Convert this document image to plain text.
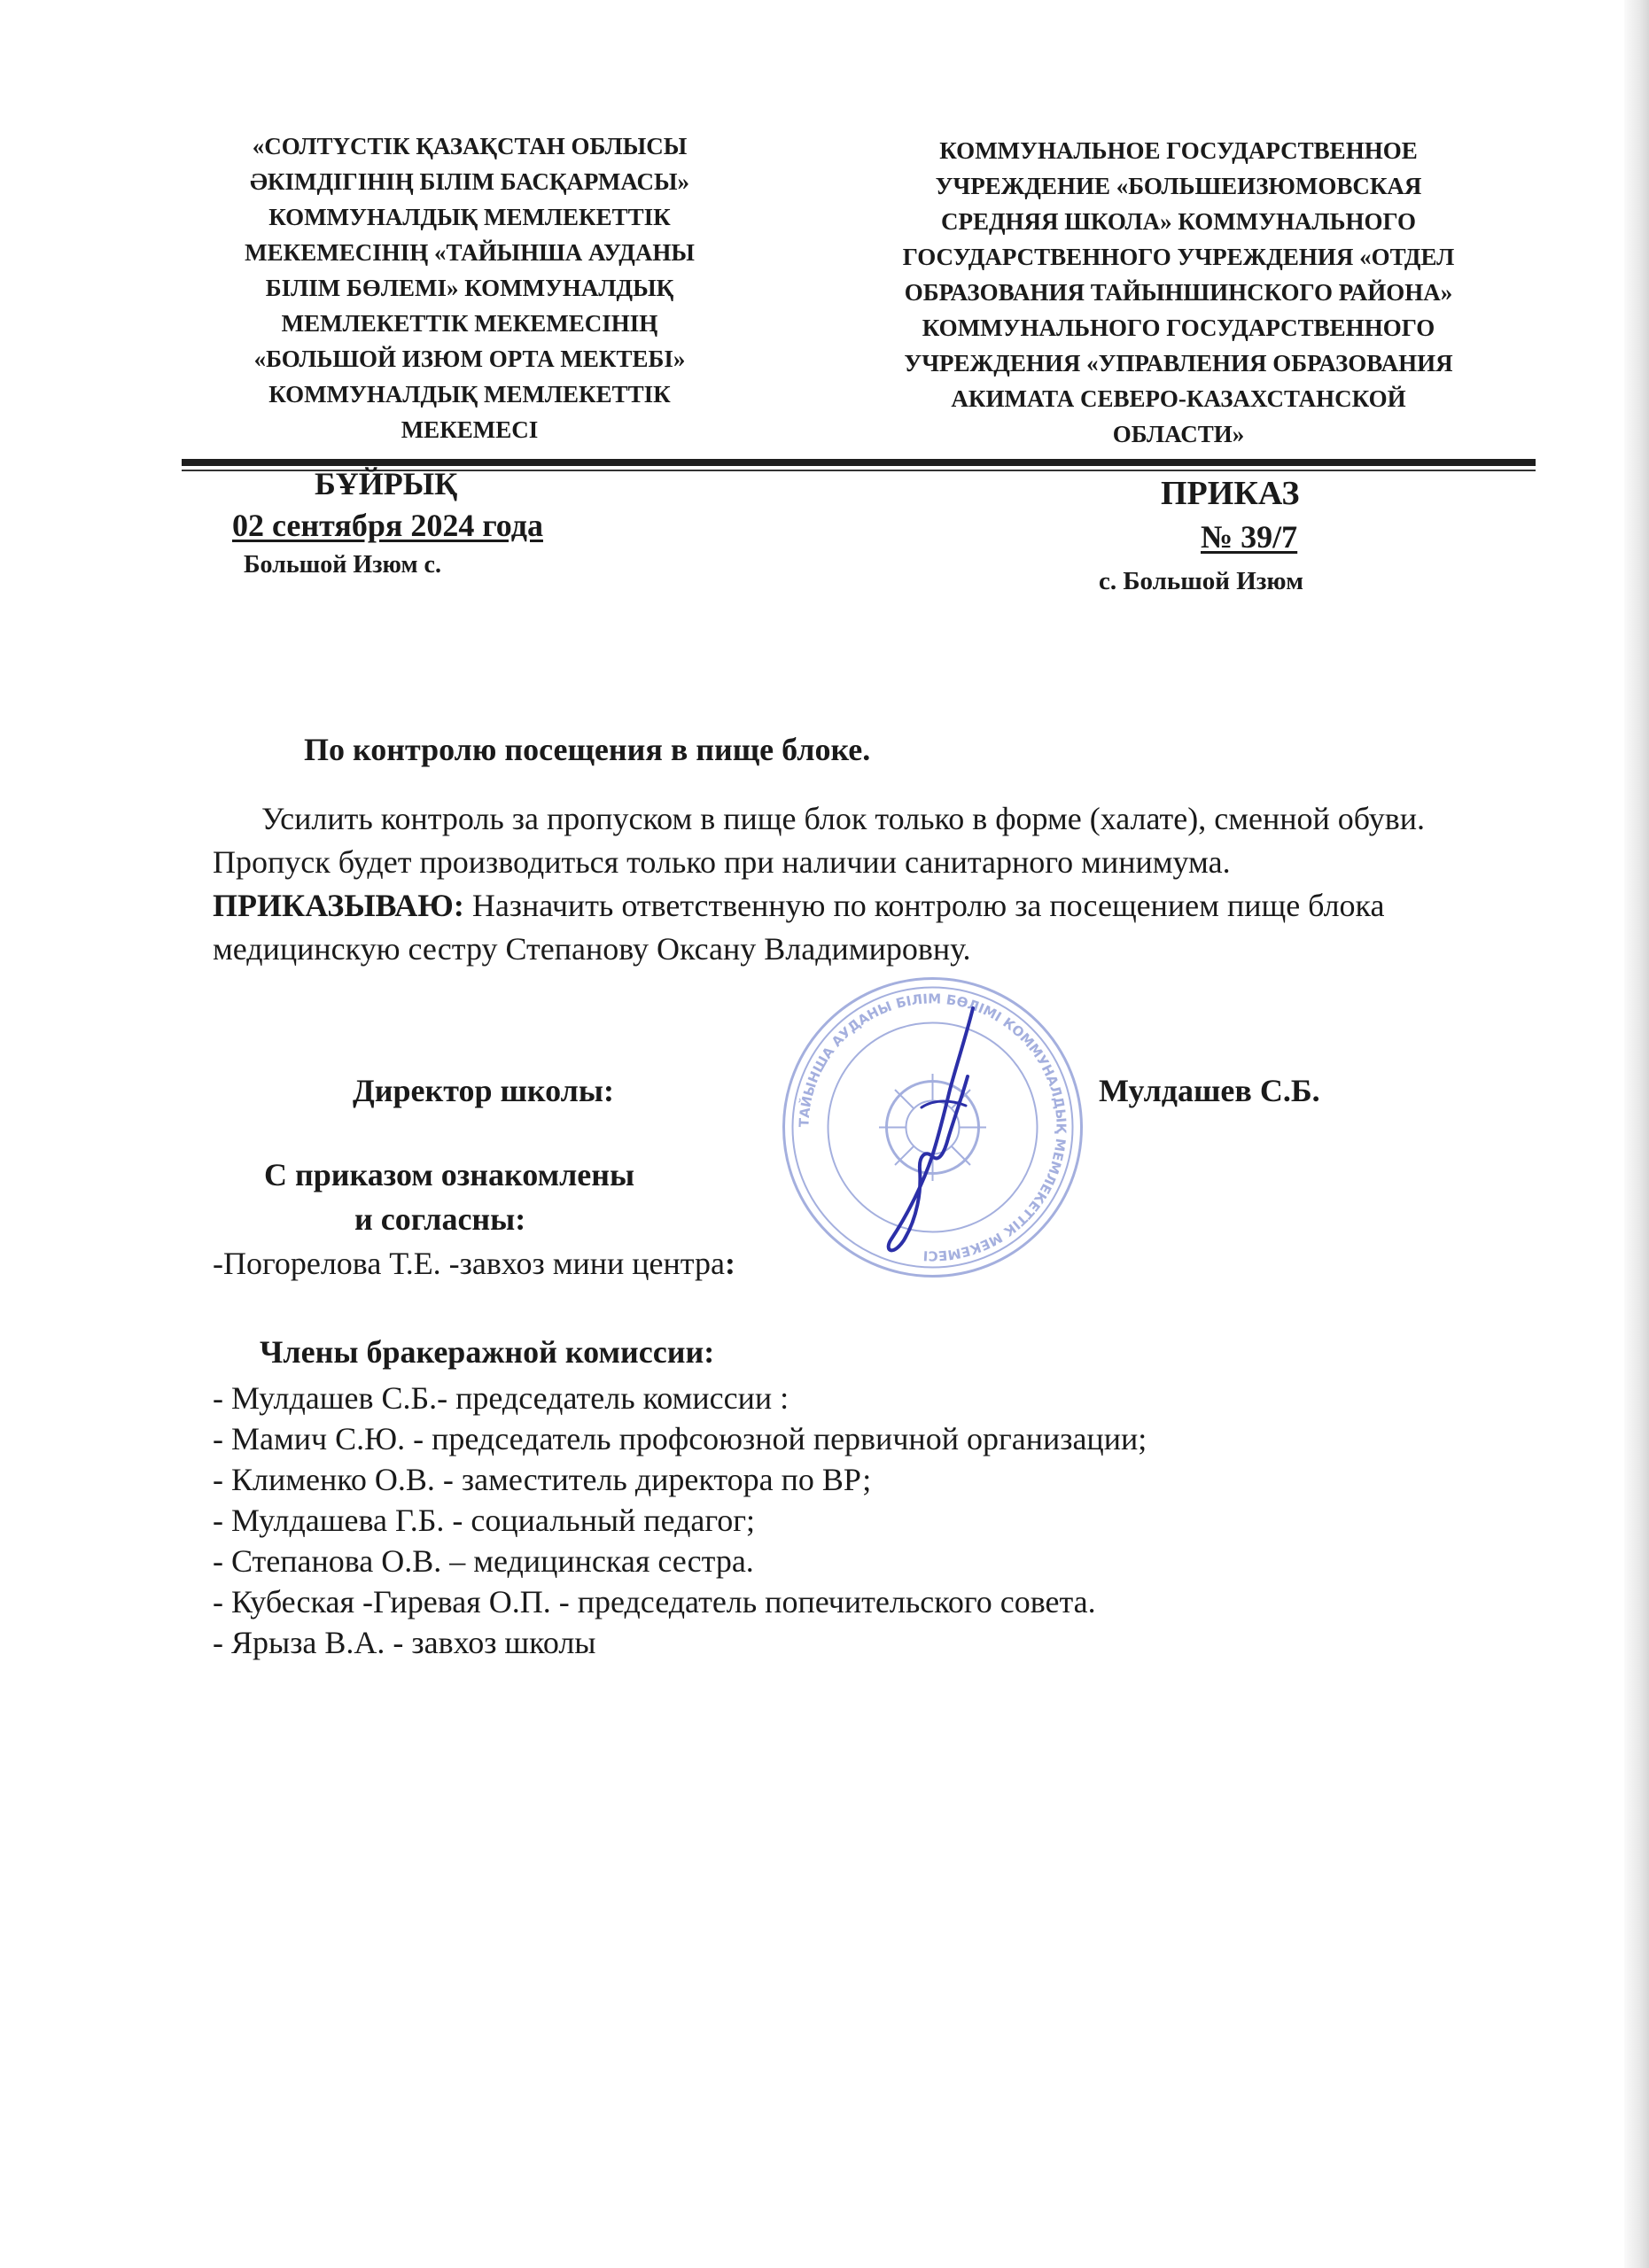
«СОЛТҮСТІК ҚАЗАҚСТАН ОБЛЫСЫ
ӘКІМДІГІНІҢ БІЛІМ БАСҚАРМАСЫ»
КОММУНАЛДЫҚ МЕМЛЕКЕТТІК
МЕКЕМЕСІНІҢ «ТАЙЫНША АУДАНЫ
БІЛІМ БӨЛЕМІ» КОММУНАЛДЫҚ
МЕМЛЕКЕТТІК МЕКЕМЕСІНІҢ
«БОЛЬШОЙ ИЗЮМ ОРТА МЕКТЕБІ»
КОММУНАЛДЫҚ МЕМЛЕКЕТТІК
МЕКЕМЕСІ
КОММУНАЛЬНОЕ ГОСУДАРСТВЕННОЕ
УЧРЕЖДЕНИЕ «БОЛЬШЕИЗЮМОВСКАЯ
СРЕДНЯЯ ШКОЛА» КОММУНАЛЬНОГО
ГОСУДАРСТВЕННОГО УЧРЕЖДЕНИЯ «ОТДЕЛ
ОБРАЗОВАНИЯ ТАЙЫНШИНСКОГО РАЙОНА»
КОММУНАЛЬНОГО ГОСУДАРСТВЕННОГО
УЧРЕЖДЕНИЯ «УПРАВЛЕНИЯ ОБРАЗОВАНИЯ
АКИМАТА СЕВЕРО-КАЗАХСТАНСКОЙ
ОБЛАСТИ»
БҰЙРЫҚ
02 сентября 2024 года
Большой Изюм с.
ПРИКАЗ
№ 39/7
с. Большой Изюм
По контролю посещения в пище блоке.

Усилить контроль за пропуском в пище блок только в форме (халате), сменной обуви. Пропуск будет производиться только при наличии санитарного минимума.

ПРИКАЗЫВАЮ: Назначить ответственную по контролю за посещением пище блока медицинскую сестру Степанову Оксану Владимировну.

Директор школы:	Мулдашев С.Б.
ТАЙЫНША АУДАНЫ БІЛІМ БӨЛІМІ КОММУНАЛДЫҚ МЕМЛЕКЕТТІК МЕКЕМЕСІ
С приказом ознакомлены
и согласны:
-Погорелова Т.Е. -завхоз мини центра:
Члены бракеражной комиссии:
- Мулдашев С.Б.- председатель комиссии :
- Мамич С.Ю. - председатель профсоюзной первичной организации;
- Клименко О.В. - заместитель директора по ВР;
- Мулдашева Г.Б. - социальный педагог;
- Степанова О.В. – медицинская сестра.
- Кубеская -Гиревая О.П. - председатель попечительского совета.
- Ярыза В.А. - завхоз школы
